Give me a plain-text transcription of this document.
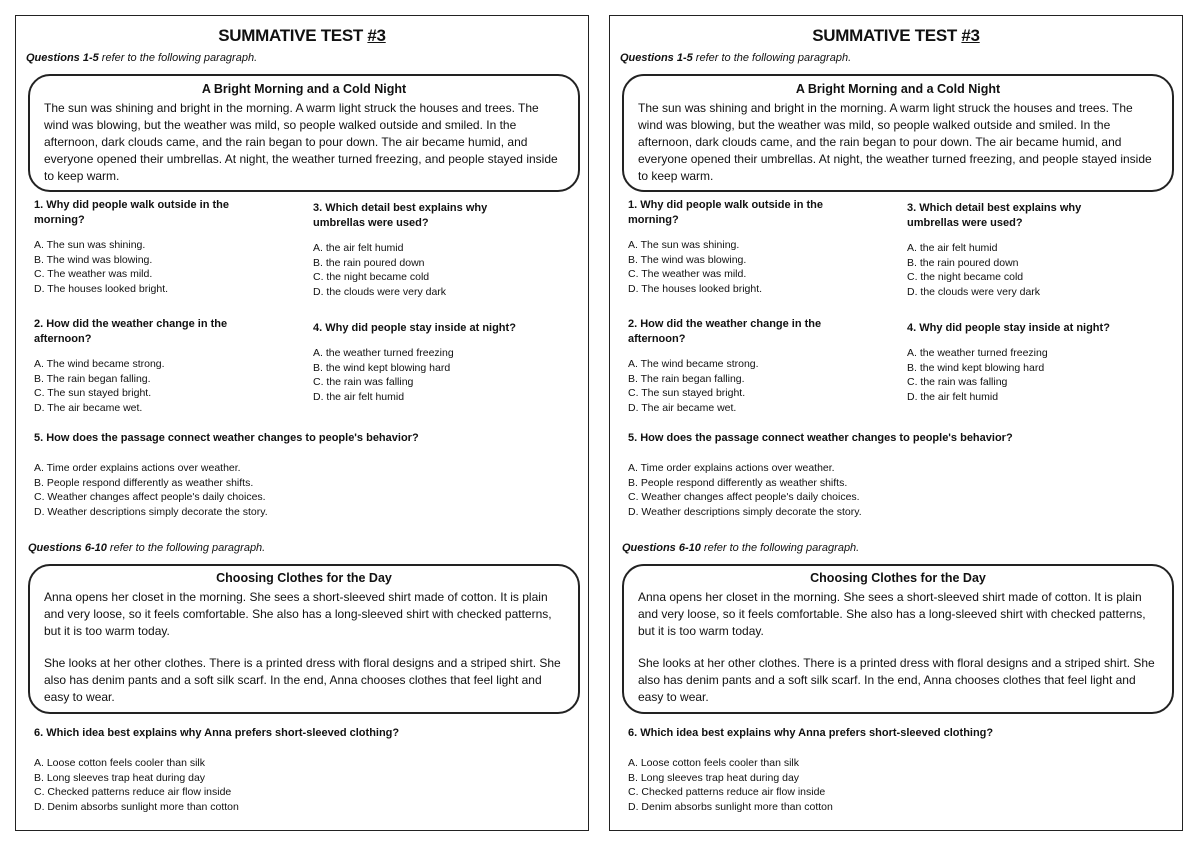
SUMMATIVE TEST #3
Questions 1-5 refer to the following paragraph.
A Bright Morning and a Cold Night

The sun was shining and bright in the morning. A warm light struck the houses and trees. The wind was blowing, but the weather was mild, so people walked outside and smiled. In the afternoon, dark clouds came, and the rain began to pour down. The air became humid, and everyone opened their umbrellas. At night, the weather turned freezing, and people stayed inside to keep warm.

1. Why did people walk outside in the morning?
A. The sun was shining.
B. The wind was blowing.
C. The weather was mild.
D. The houses looked bright.
2. How did the weather change in the afternoon?
A. The wind became strong.
B. The rain began falling.
C. The sun stayed bright.
D. The air became wet.
3. Which detail best explains why umbrellas were used?
A. the air felt humid
B. the rain poured down
C. the night became cold
D. the clouds were very dark
4. Why did people stay inside at night?
A. the weather turned freezing
B. the wind kept blowing hard
C. the rain was falling
D. the air felt humid
5. How does the passage connect weather changes to people's behavior?
A. Time order explains actions over weather.
B. People respond differently as weather shifts.
C. Weather changes affect people's daily choices.
D. Weather descriptions simply decorate the story.
Questions 6-10 refer to the following paragraph.
Choosing Clothes for the Day

Anna opens her closet in the morning. She sees a short-sleeved shirt made of cotton. It is plain and very loose, so it feels comfortable. She also has a long-sleeved shirt with checked patterns, but it is too warm today.

She looks at her other clothes. There is a printed dress with floral designs and a striped shirt. She also has denim pants and a soft silk scarf. In the end, Anna chooses clothes that feel light and easy to wear.

6. Which idea best explains why Anna prefers short-sleeved clothing?
A. Loose cotton feels cooler than silk
B. Long sleeves trap heat during day
C. Checked patterns reduce air flow inside
D. Denim absorbs sunlight more than cotton
SUMMATIVE TEST #3
Questions 1-5 refer to the following paragraph.
A Bright Morning and a Cold Night

The sun was shining and bright in the morning. A warm light struck the houses and trees. The wind was blowing, but the weather was mild, so people walked outside and smiled. In the afternoon, dark clouds came, and the rain began to pour down. The air became humid, and everyone opened their umbrellas. At night, the weather turned freezing, and people stayed inside to keep warm.

1. Why did people walk outside in the morning?
A. The sun was shining.
B. The wind was blowing.
C. The weather was mild.
D. The houses looked bright.
2. How did the weather change in the afternoon?
A. The wind became strong.
B. The rain began falling.
C. The sun stayed bright.
D. The air became wet.
3. Which detail best explains why umbrellas were used?
A. the air felt humid
B. the rain poured down
C. the night became cold
D. the clouds were very dark
4. Why did people stay inside at night?
A. the weather turned freezing
B. the wind kept blowing hard
C. the rain was falling
D. the air felt humid
5. How does the passage connect weather changes to people's behavior?
A. Time order explains actions over weather.
B. People respond differently as weather shifts.
C. Weather changes affect people's daily choices.
D. Weather descriptions simply decorate the story.
Questions 6-10 refer to the following paragraph.
Choosing Clothes for the Day

Anna opens her closet in the morning. She sees a short-sleeved shirt made of cotton. It is plain and very loose, so it feels comfortable. She also has a long-sleeved shirt with checked patterns, but it is too warm today.

She looks at her other clothes. There is a printed dress with floral designs and a striped shirt. She also has denim pants and a soft silk scarf. In the end, Anna chooses clothes that feel light and easy to wear.

6. Which idea best explains why Anna prefers short-sleeved clothing?
A. Loose cotton feels cooler than silk
B. Long sleeves trap heat during day
C. Checked patterns reduce air flow inside
D. Denim absorbs sunlight more than cotton
